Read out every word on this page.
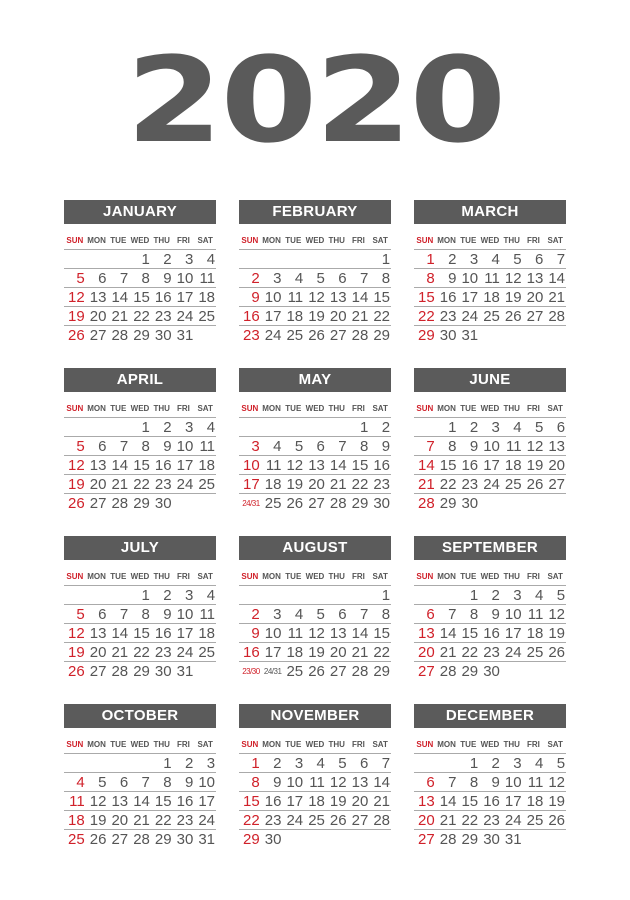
2020
JANUARY
SUN MON TUE WED THU FRI SAT
1 2 3 4
5 6 7 8 9 10 11
12 13 14 15 16 17 18
19 20 21 22 23 24 25
26 27 28 29 30 31
FEBRUARY
SUN MON TUE WED THU FRI SAT
1
2 3 4 5 6 7 8
9 10 11 12 13 14 15
16 17 18 19 20 21 22
23 24 25 26 27 28 29
MARCH
SUN MON TUE WED THU FRI SAT
1 2 3 4 5 6 7
8 9 10 11 12 13 14
15 16 17 18 19 20 21
22 23 24 25 26 27 28
29 30 31
APRIL
SUN MON TUE WED THU FRI SAT
1 2 3 4
5 6 7 8 9 10 11
12 13 14 15 16 17 18
19 20 21 22 23 24 25
26 27 28 29 30
MAY
SUN MON TUE WED THU FRI SAT
1 2
3 4 5 6 7 8 9
10 11 12 13 14 15 16
17 18 19 20 21 22 23
24/31 25 26 27 28 29 30
JUNE
SUN MON TUE WED THU FRI SAT
1 2 3 4 5 6
7 8 9 10 11 12 13
14 15 16 17 18 19 20
21 22 23 24 25 26 27
28 29 30
JULY
SUN MON TUE WED THU FRI SAT
1 2 3 4
5 6 7 8 9 10 11
12 13 14 15 16 17 18
19 20 21 22 23 24 25
26 27 28 29 30 31
AUGUST
SUN MON TUE WED THU FRI SAT
1
2 3 4 5 6 7 8
9 10 11 12 13 14 15
16 17 18 19 20 21 22
23/30 24/31 25 26 27 28 29
SEPTEMBER
SUN MON TUE WED THU FRI SAT
1 2 3 4 5
6 7 8 9 10 11 12
13 14 15 16 17 18 19
20 21 22 23 24 25 26
27 28 29 30
OCTOBER
SUN MON TUE WED THU FRI SAT
1 2 3
4 5 6 7 8 9 10
11 12 13 14 15 16 17
18 19 20 21 22 23 24
25 26 27 28 29 30 31
NOVEMBER
SUN MON TUE WED THU FRI SAT
1 2 3 4 5 6 7
8 9 10 11 12 13 14
15 16 17 18 19 20 21
22 23 24 25 26 27 28
29 30
DECEMBER
SUN MON TUE WED THU FRI SAT
1 2 3 4 5
6 7 8 9 10 11 12
13 14 15 16 17 18 19
20 21 22 23 24 25 26
27 28 29 30 31
